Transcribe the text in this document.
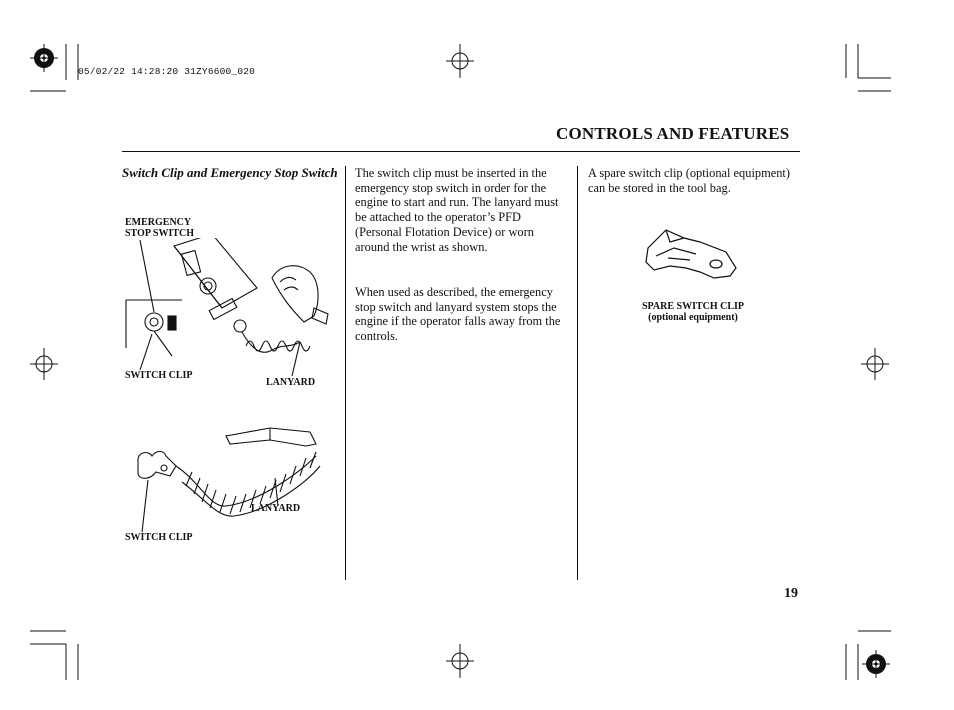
05/02/22 14:28:20 31ZY6600_020
CONTROLS AND FEATURES
Switch Clip and Emergency Stop Switch
EMERGENCY
STOP SWITCH
SWITCH CLIP
LANYARD
LANYARD
SWITCH CLIP
The switch clip must be inserted in the emergency stop switch in order for the engine to start and run. The lanyard must be attached to the operator’s PFD (Personal Flotation Device) or worn around the wrist as shown.
When used as described, the emergency stop switch and lanyard system stops the engine if the operator falls away from the controls.
A spare switch clip (optional equipment) can be stored in the tool bag.
SPARE SWITCH CLIP
(optional equipment)
19
